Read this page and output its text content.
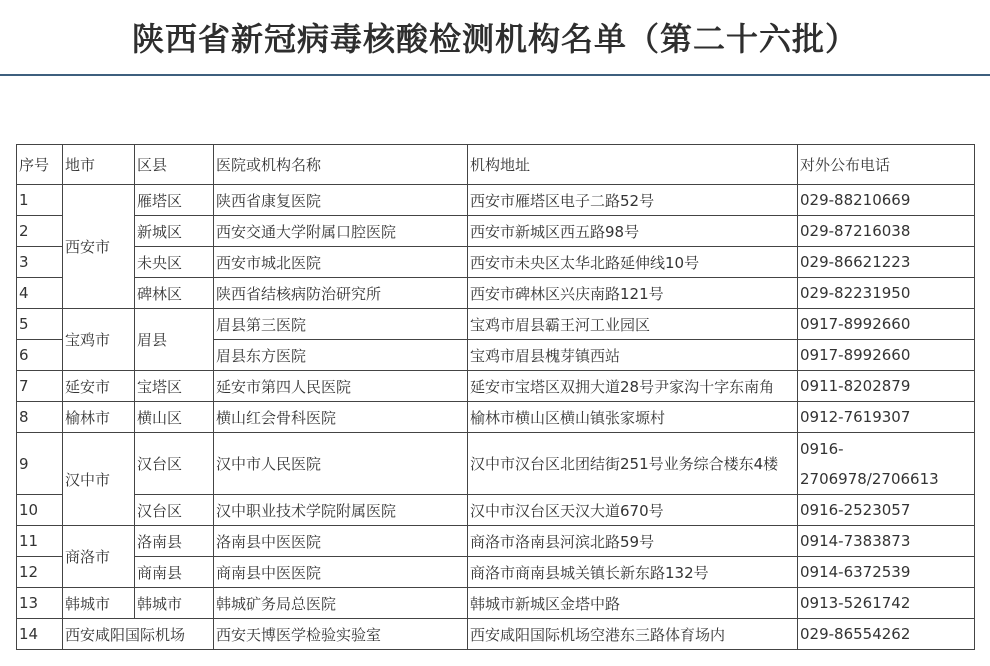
陕西省新冠病毒核酸检测机构名单（第二十六批）
序号	地市	区县	医院或机构名称	机构地址	对外公布电话
1	西安市	雁塔区	陕西省康复医院	西安市雁塔区电子二路52号	029-88210669
2		新城区	西安交通大学附属口腔医院	西安市新城区西五路98号	029-87216038
3		未央区	西安市城北医院	西安市未央区太华北路延伸线10号	029-86621223
4		碑林区	陕西省结核病防治研究所	西安市碑林区兴庆南路121号	029-82231950
5	宝鸡市	眉县	眉县第三医院	宝鸡市眉县霸王河工业园区	0917-8992660
6			眉县东方医院	宝鸡市眉县槐芽镇西站	0917-8992660
7	延安市	宝塔区	延安市第四人民医院	延安市宝塔区双拥大道28号尹家沟十字东南角	0911-8202879
8	榆林市	横山区	横山红会骨科医院	榆林市横山区横山镇张家塬村	0912-7619307
9	汉中市	汉台区	汉中市人民医院	汉中市汉台区北团结街251号业务综合楼东4楼	0916-2706978/2706613
10		汉台区	汉中职业技术学院附属医院	汉中市汉台区天汉大道670号	0916-2523057
11	商洛市	洛南县	洛南县中医医院	商洛市洛南县河滨北路59号	0914-7383873
12		商南县	商南县中医医院	商洛市商南县城关镇长新东路132号	0914-6372539
13	韩城市	韩城市	韩城矿务局总医院	韩城市新城区金塔中路	0913-5261742
14	西安咸阳国际机场		西安天博医学检验实验室	西安咸阳国际机场空港东三路体育场内	029-86554262
